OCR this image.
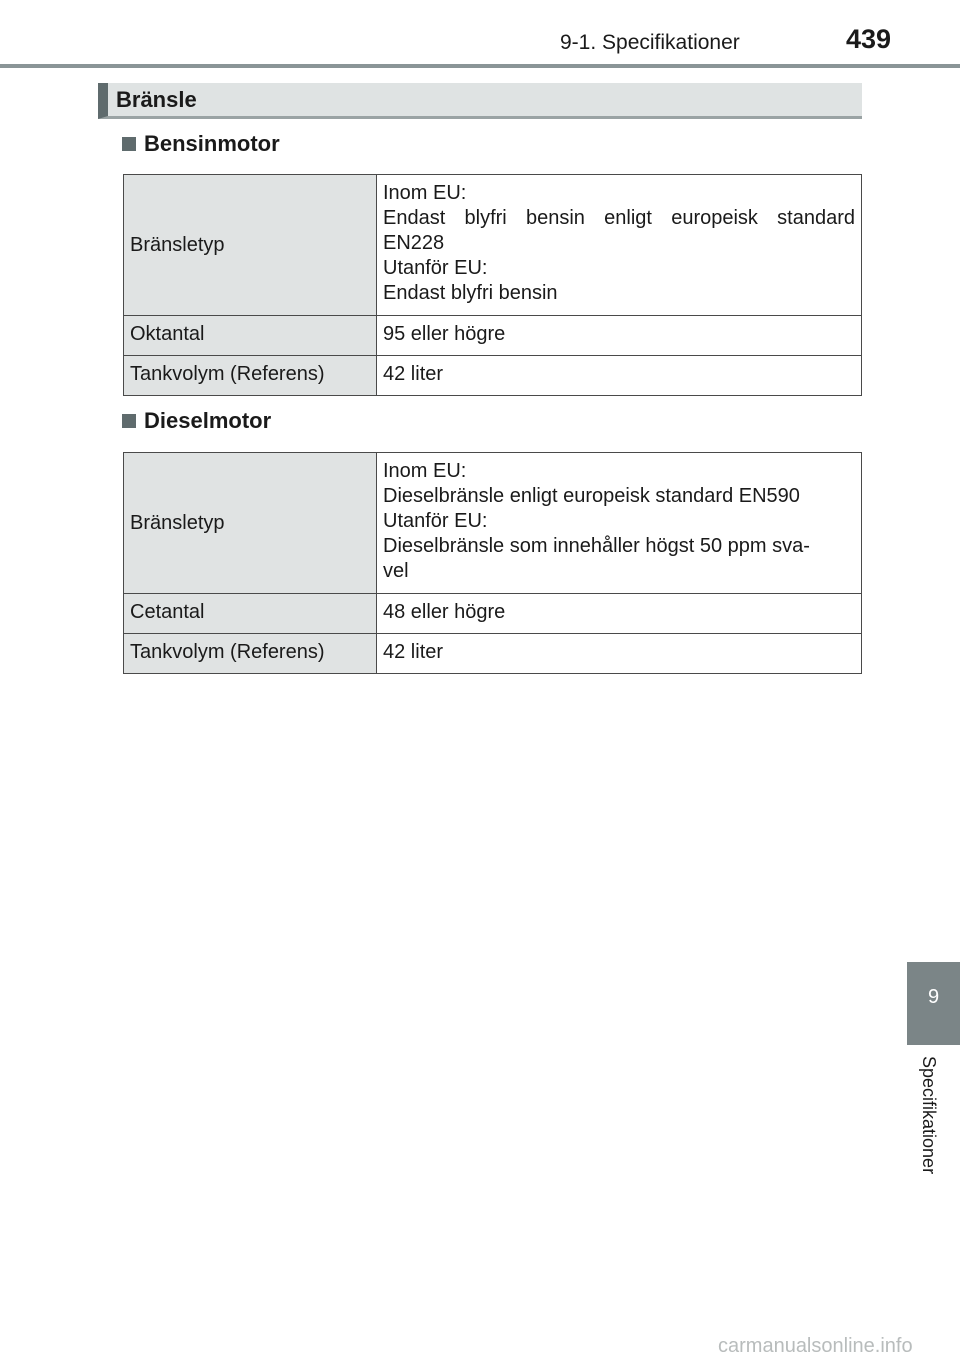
9-1. Specifikationer	439
Bränsle
Bensinmotor
Bränsletyp	Inom EU:
Endast blyfri bensin enligt europeisk standard
EN228
Utanför EU:
Endast blyfri bensin

Oktantal	95 eller högre
Tankvolym (Referens)	42 liter
Dieselmotor
Bränsletyp	Inom EU:
Dieselbränsle enligt europeisk standard EN590
Utanför EU:
Dieselbränsle som innehåller högst 50 ppm sva-
vel

Cetantal	48 eller högre
Tankvolym (Referens)	42 liter
9
Specifikationer
carmanualsonline.info
